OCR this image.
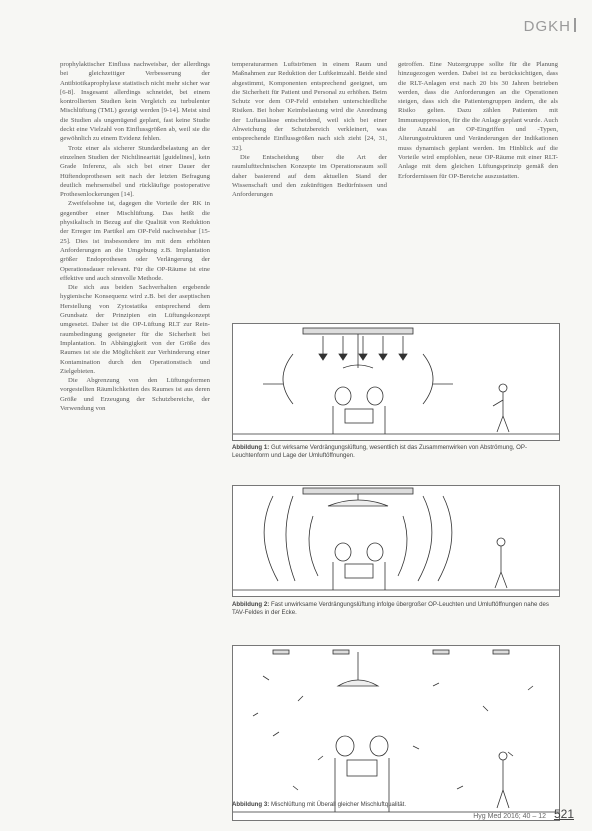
DGKH

prophylaktischer Einfluss nachweisbar, der allerdings bei gleichzeitiger Verbesserung der Antibiotikaprophylaxe statistisch nicht mehr sicher war [6-8]. Insgesamt allerdings schneidet, bei einem kontrollierten Studien kein Vergleich zu turbulenter Mischlüftung (TML) gezeigt werden [9-14]. Meist sind die Studien als ungenügend geplant, fast keine Studie deckt eine Vielzahl von Einflussgrößen ab, weil sie die gewöhnlich zu einem Evidenz fehlen.

Trotz einer als sicherer Stundardbelastung an der einzelnen Studien der Nichtlinearität [guidelines], kein Grade Inferenz, als sich bei einer Dauer der Hüftendoprothesen seit nach der letzten Befragung deutlich mehrsensibel und rückläufige postoperative Prothesenlockerungen [14].

Zweifelsohne ist, dagegen die Vorteile der RK in gegenüber einer Mischlüftung. Das heißt die physikalisch in Bezug auf die Qualität von Reduktion der Erreger im Partikel am OP-Feld nachweisbar [15-25]. Dies ist insbesondere im mit dem erhöhten Anforderungen an die Umgebung z.B. Implantation größer Endoprothesen oder Verlängerung der Operationsdauer relevant. Für die OP-Räume ist eine effektive und auch sinnvolle Methode.

Die sich aus beiden Sachverhalten ergebende hygienische Konsequenz wird z.B. bei der aseptischen Herstellung von Zytostatika entsprechend dem Grundsatz der Prinzipien ein Lüftungskonzept umgesetzt. Daher ist die OP-Lüftung RLT zur Rein-raumbedingung geeigneter für die Sicherheit bei Implantation. In Abhängigkeit von der Größe des Raumes ist sie die Möglichkeit zur Verhinderung einer Kontamination durch den Operationstisch und Zielgebieten.

Die Abgrenzung von den Lüftungsformen vorgestellten Räumlichkeiten des Raumes ist aus deren Größe und Erzeugung der Schutzbereiche, der Verwendung von

temperaturarmen Luftströmen in einem Raum und Maßnahmen zur Reduktion der Luftkeimzahl. Beide sind abgestimmt, Komponenten entsprechend geeignet, um die Sicherheit für Patient und Personal zu erhöhen. Beim Schutz vor dem OP-Feld entstehen unterschiedliche Risiken. Bei hoher Keimbelastung wird die Anordnung der Luftauslässe entscheidend, weil sich bei einer Abweichung der Schutzbereich verkleinert, was entsprechende Einflussgrößen nach sich zieht [24, 31, 32].

Die Entscheidung über die Art der raumlufttechnischen Konzepte im Operationsraum soll daher basierend auf dem aktuellen Stand der Wissenschaft und den zukünftigen Bedürfnissen und Anforderungen

getroffen. Eine Nutzergruppe sollte für die Planung hinzugezogen werden. Dabei ist zu berücksichtigen, dass die RLT-Anlagen erst nach 20 bis 30 Jahren betrieben werden, dass die Anforderungen an die Operationen steigen, dass sich die Patientengruppen ändern, die als Risiko gelten. Dazu zählen Patienten mit Immunsuppression, für die die Anlage geplant wurde. Auch die Anzahl an OP-Eingriffen und -Typen, Alterungsstrukturen und Veränderungen der Indikationen muss dynamisch geplant werden. Im Hinblick auf die Vorteile wird empfohlen, neue OP-Räume mit einer RLT-Anlage mit dem gleichen Lüftungsprinzip gemäß den Erfordernissen für OP-Bereiche auszustatten.

Abbildung 1: Gut wirksame Verdrängungslüftung, wesentlich ist das Zusammenwirken von Abströmung, OP-Leuchtenform und Lage der Umluftöffnungen.
Abbildung 2: Fast unwirksame Verdrängungslüftung infolge übergroßer OP-Leuchten und Umluftöffnungen nahe des TAV-Feldes in der Ecke.
Abbildung 3: Mischlüftung mit Überall gleicher Mischluftqualität.
Hyg Med 2016; 40 – 12 521
